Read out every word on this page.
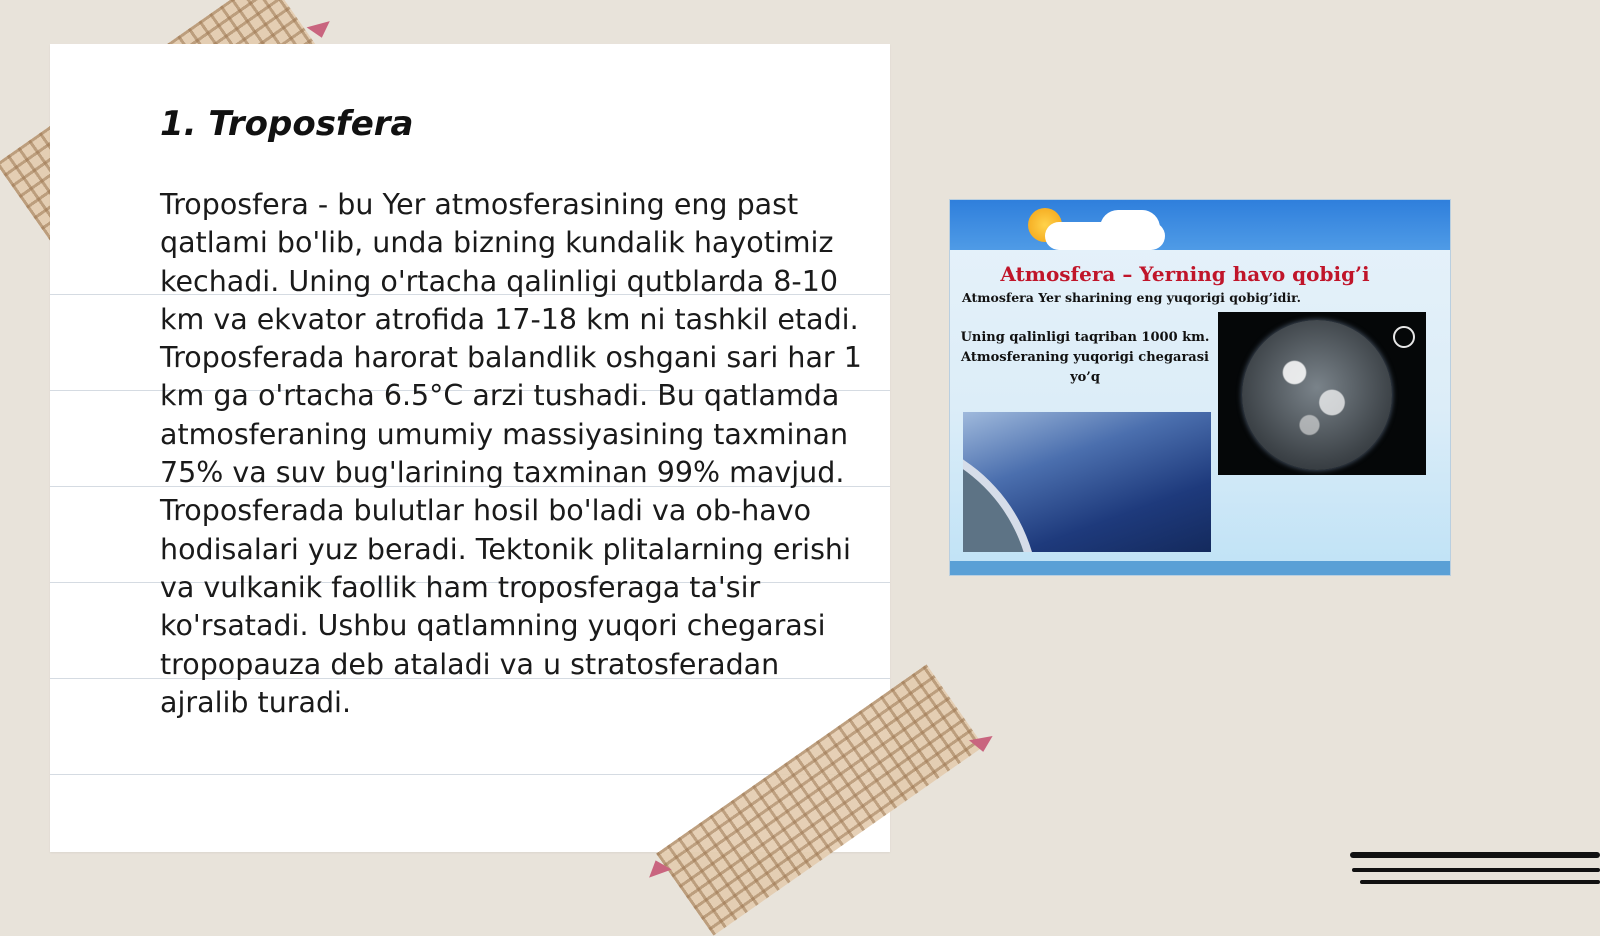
1. Troposfera

Troposfera - bu Yer atmosferasining eng past qatlami bo'lib, unda bizning kundalik hayotimiz kechadi. Uning o'rtacha qalinligi qutblarda 8-10 km va ekvator atrofida 17-18 km ni tashkil etadi. Troposferada harorat balandlik oshgani sari har 1 km ga o'rtacha 6.5°C arzi tushadi. Bu qatlamda atmosferaning umumiy massiyasining taxminan 75% va suv bug'larining taxminan 99% mavjud. Troposferada bulutlar hosil bo'ladi va ob-havo hodisalari yuz beradi. Tektonik plitalarning erishi va vulkanik faollik ham troposferaga ta'sir ko'rsatadi. Ushbu qatlamning yuqori chegarasi tropopauza deb ataladi va u stratosferadan ajralib turadi.

Atmosfera – Yerning havo qobig’i

Atmosfera Yer sharining eng yuqorigi qobig’idir.

Uning qalinligi taqriban 1000 km. Atmosferaning yuqorigi chegarasi yo’q
